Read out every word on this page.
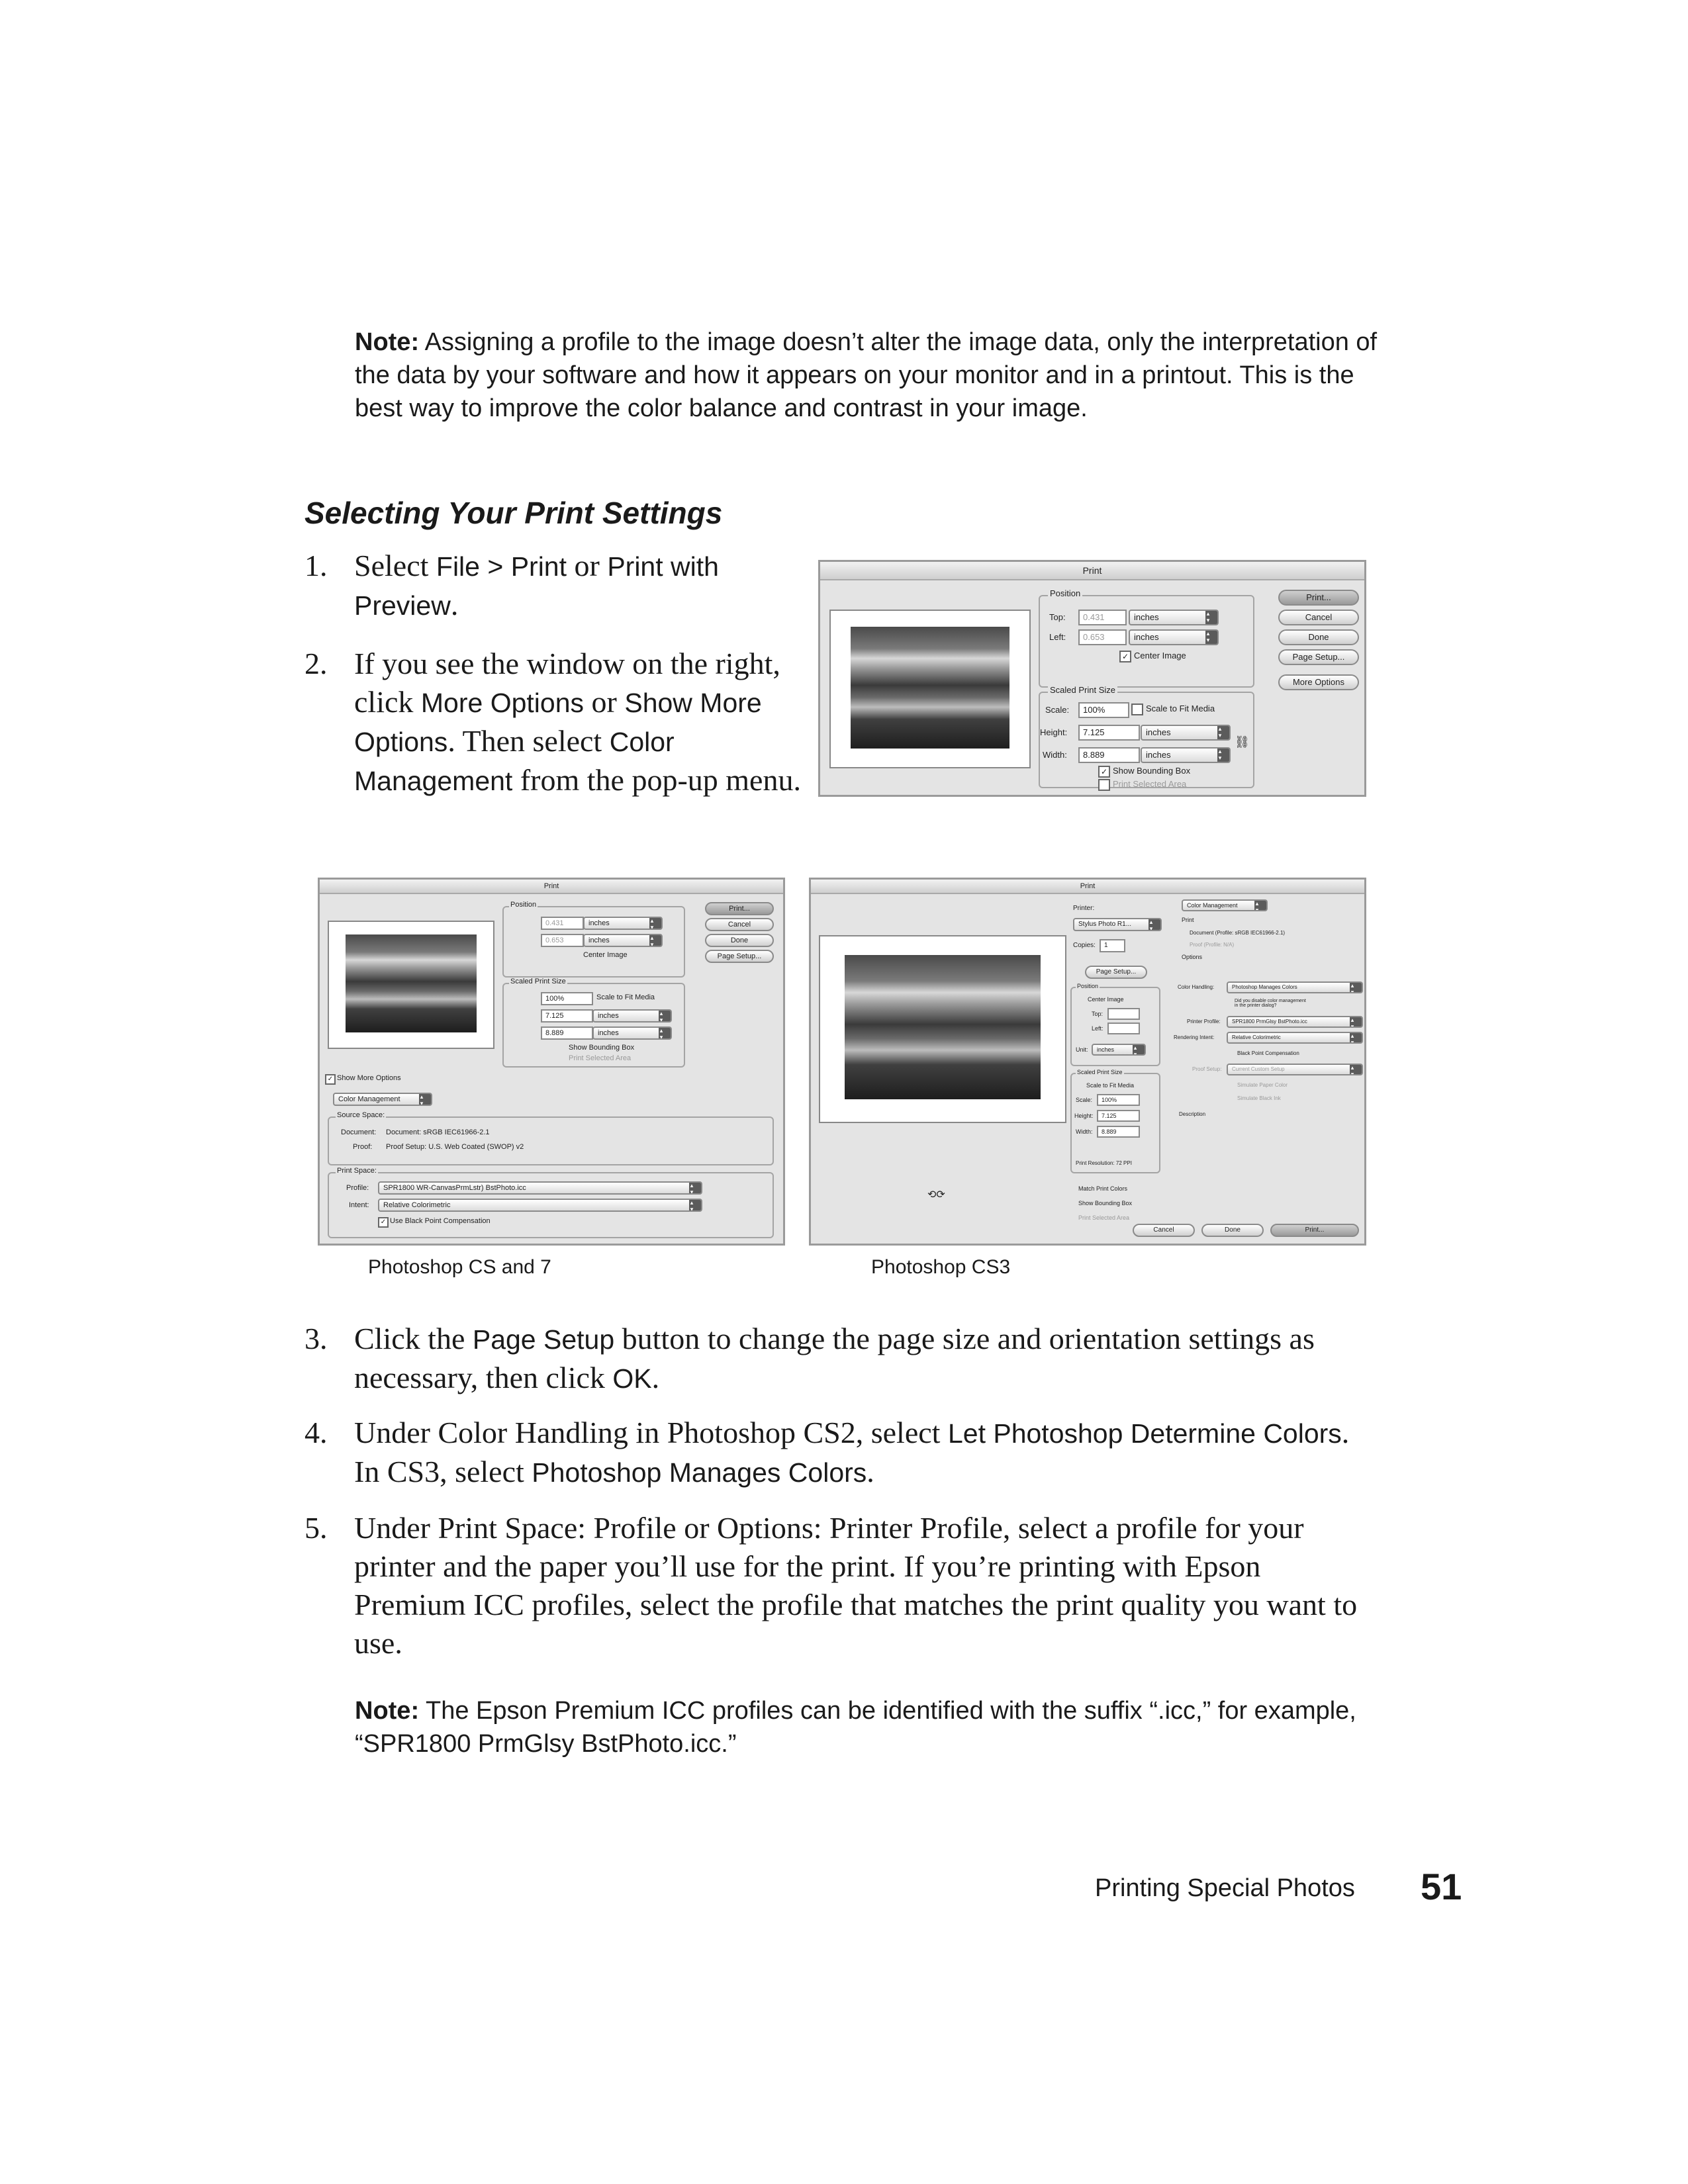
Note: Assigning a profile to the image doesn’t alter the image data, only the interpretation of the data by your software and how it appears on your monitor and in a printout. This is the best way to improve the color balance and contrast in your image.
Selecting Your Print Settings
1. Select File > Print or Print with Preview.
2. If you see the window on the right, click More Options or Show More Options. Then select Color Management from the pop-up menu.
Print
Position
Top:	0.431	inches ▴▾
Left:	0.653	inches ▴▾
✓ Center Image
Scaled Print Size
Scale:	100%	Scale to Fit Media
Height:	7.125	inches ▴▾
Width:	8.889	inches ▴▾
⛓
✓ Show Bounding Box
Print Selected Area
Print...
Cancel
Done
Page Setup...
More Options
Print
Position
0.431	inches ▴▾
0.653	inches ▴▾
Center Image
Scaled Print Size
100%	Scale to Fit Media
7.125	inches ▴▾
8.889	inches ▴▾
Show Bounding Box
Print Selected Area
Print...
Cancel
Done
Page Setup...
✓ Show More Options
Color Management ▴▾
Source Space:
Document: Document: sRGB IEC61966-2.1
Proof: Proof Setup: U.S. Web Coated (SWOP) v2
Print Space:
Profile:	SPR1800 WR-CanvasPrmLstr) BstPhoto.icc ▴▾
Intent:	Relative Colorimetric ▴▾
✓ Use Black Point Compensation
Print
⟲⟳
Printer:
Stylus Photo R1... ▴▾
Copies:	1
Page Setup...
Position
Center Image
Top:
Left:
Unit:	inches ▴▾
Scaled Print Size
Scale to Fit Media
Scale:	100%
Height:	7.125
Width:	8.889
Print Resolution: 72 PPI
Match Print Colors
Show Bounding Box
Print Selected Area
Color Management ▴▾
Print
Document (Profile: sRGB IEC61966-2.1)
Proof (Profile: N/A)
Options
Color Handling:	Photoshop Manages Colors ▴▾
Did you disable color management in the printer dialog?
Printer Profile:	SPR1800 PrmGlsy BstPhoto.icc ▴▾
Rendering Intent:	Relative Colorimetric ▴▾
Black Point Compensation
Proof Setup:	Current Custom Setup ▴▾
Simulate Paper Color
Simulate Black Ink
Description
Cancel	Done	Print...
Photoshop CS and 7	Photoshop CS3
3. Click the Page Setup button to change the page size and orientation settings as necessary, then click OK.
4. Under Color Handling in Photoshop CS2, select Let Photoshop Determine Colors. In CS3, select Photoshop Manages Colors.
5. Under Print Space: Profile or Options: Printer Profile, select a profile for your printer and the paper you’ll use for the print. If you’re printing with Epson Premium ICC profiles, select the profile that matches the print quality you want to use.
Note: The Epson Premium ICC profiles can be identified with the suffix “.icc,” for example, “SPR1800 PrmGlsy BstPhoto.icc.”
Printing Special Photos 51
